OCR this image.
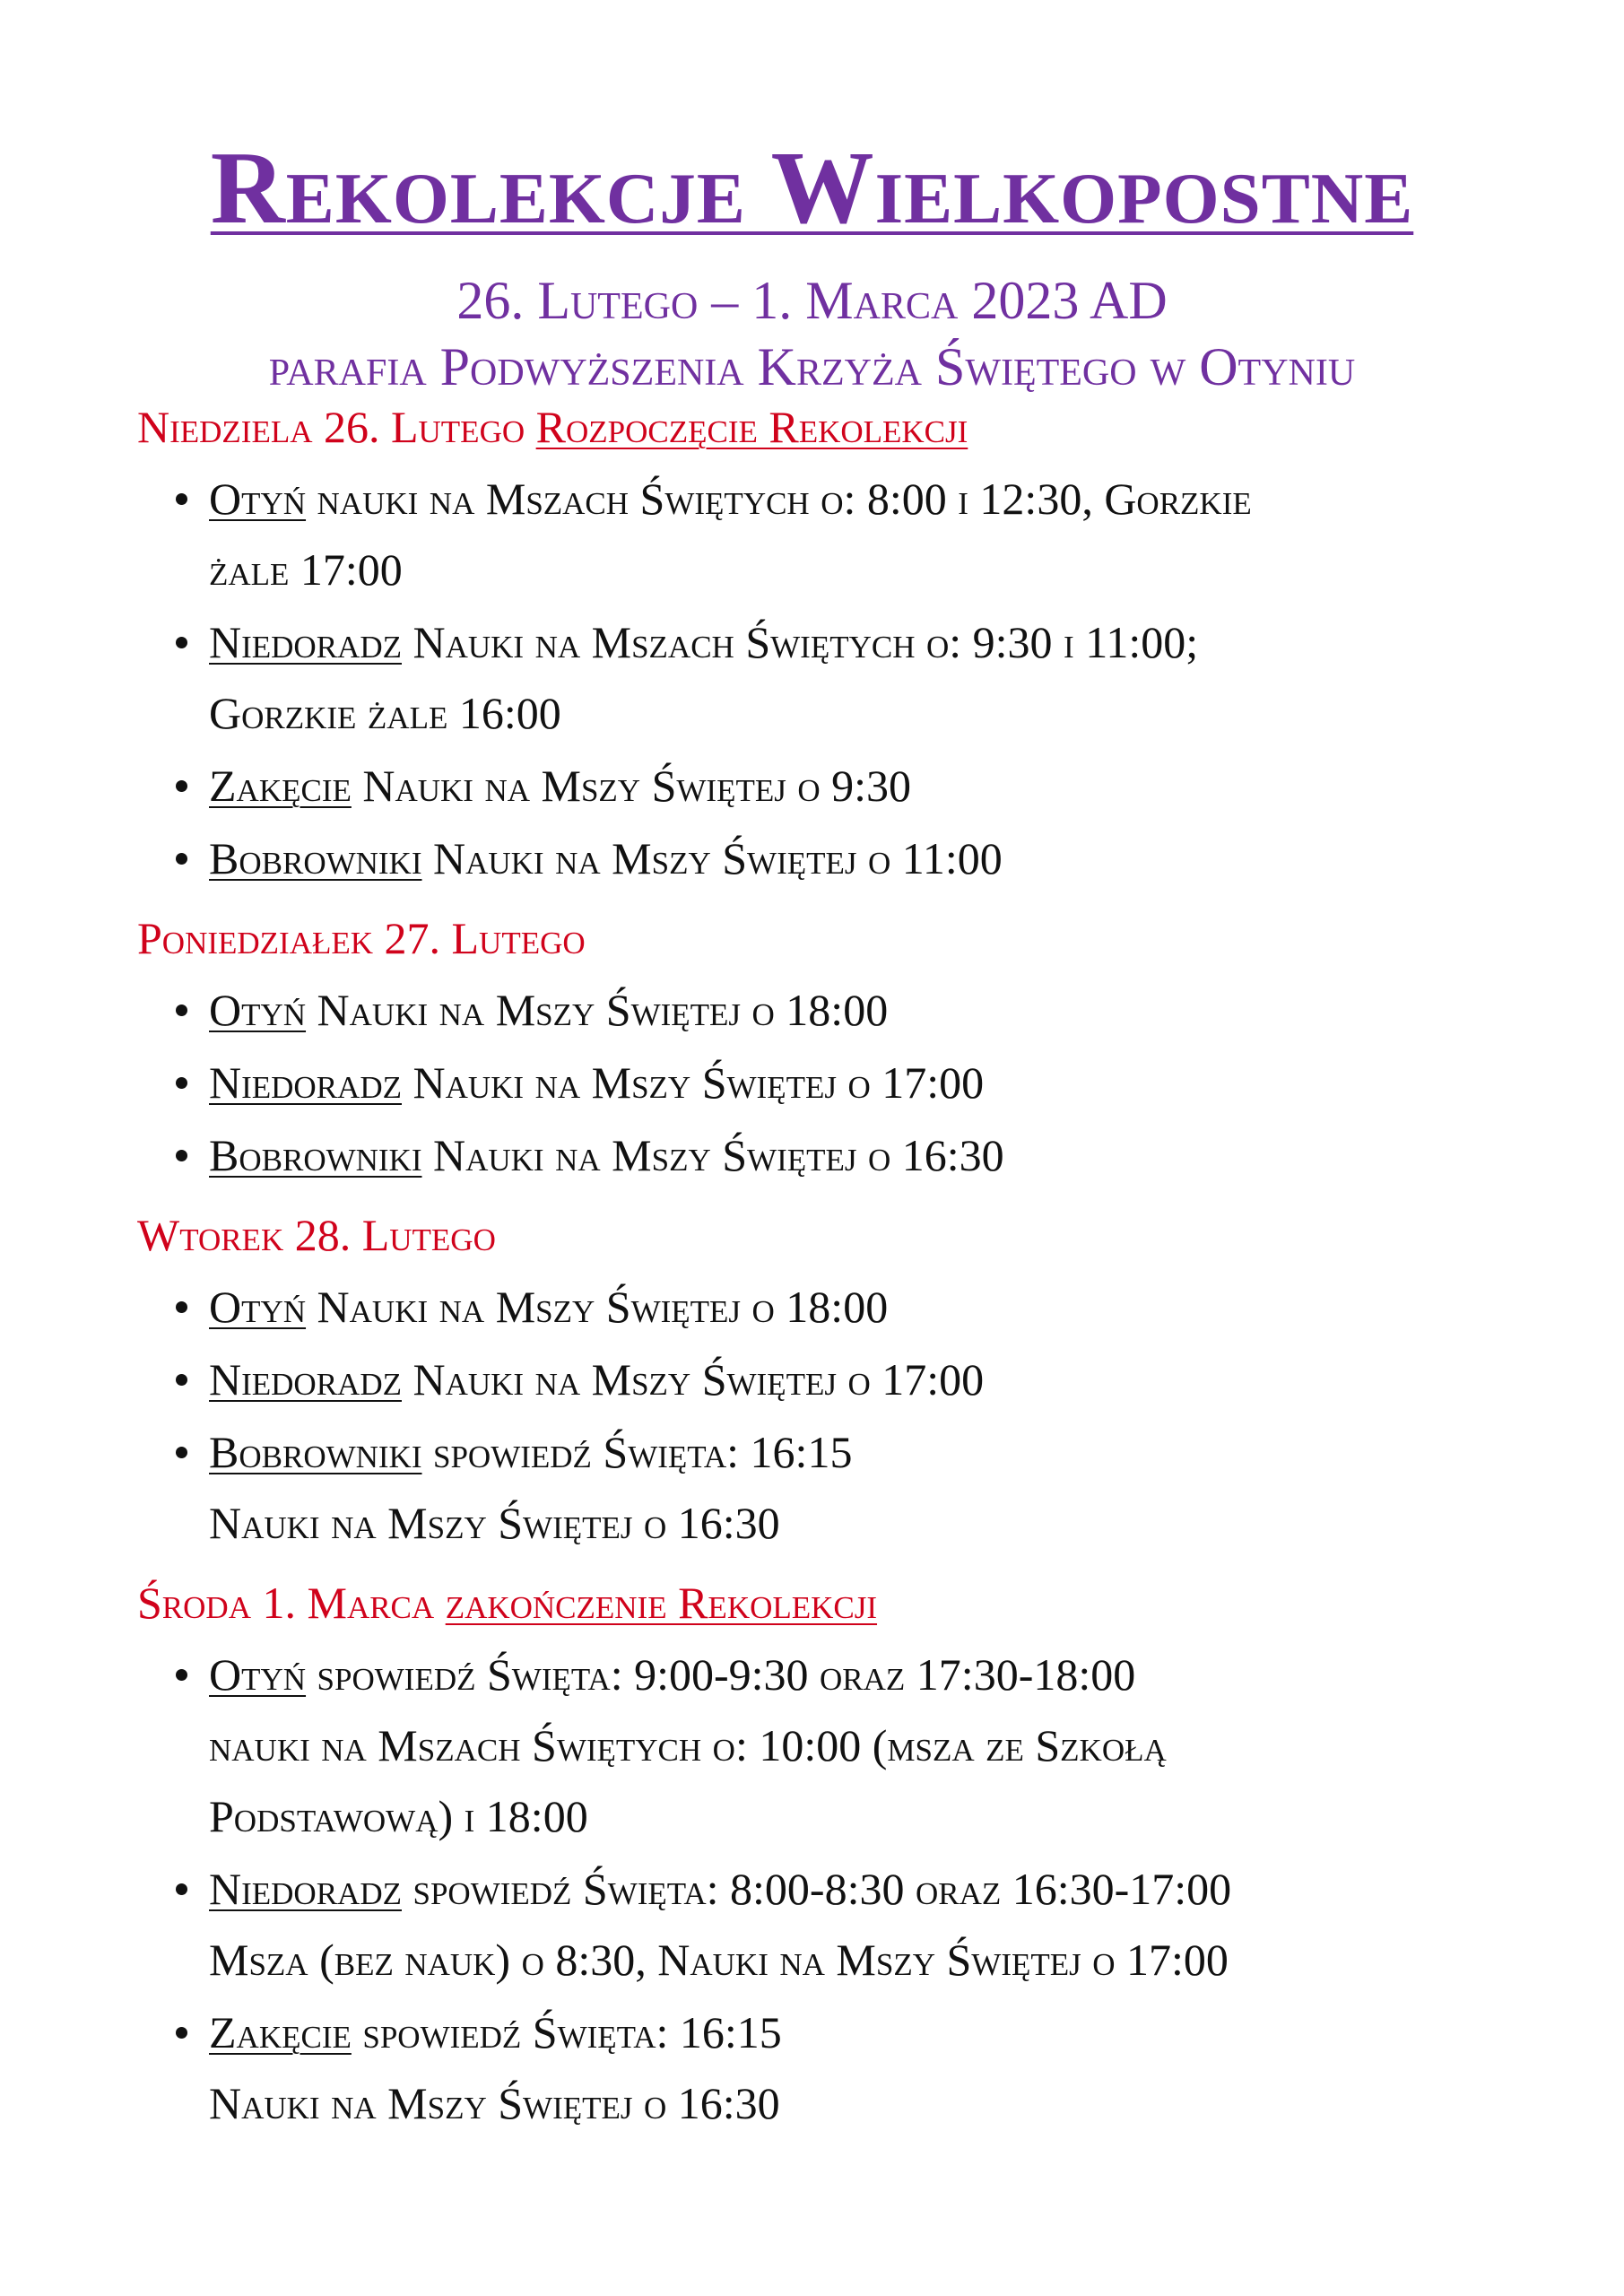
Rekolekcje Wielkopostne
26. Lutego – 1. Marca 2023 AD
parafia Podwyższenia Krzyża Świętego w Otyniu
Niedziela 26. Lutego Rozpoczęcie Rekolekcji
Otyń nauki na Mszach Świętych o: 8:00 i 12:30, Gorzkie
żale 17:00
Niedoradz Nauki na Mszach Świętych o: 9:30 i 11:00;
Gorzkie żale 16:00
Zakęcie Nauki na Mszy Świętej o 9:30
Bobrowniki Nauki na Mszy Świętej o 11:00
Poniedziałek 27. Lutego
Otyń Nauki na Mszy Świętej o 18:00
Niedoradz Nauki na Mszy Świętej o 17:00
Bobrowniki Nauki na Mszy Świętej o 16:30
Wtorek 28. Lutego
Otyń Nauki na Mszy Świętej o 18:00
Niedoradz Nauki na Mszy Świętej o 17:00
Bobrowniki spowiedź Święta: 16:15
Nauki na Mszy Świętej o 16:30
Środa 1. Marca zakończenie Rekolekcji
Otyń spowiedź Święta: 9:00-9:30 oraz 17:30-18:00
nauki na Mszach Świętych o: 10:00 (msza ze Szkołą
Podstawową) i 18:00
Niedoradz spowiedź Święta: 8:00-8:30 oraz 16:30-17:00
Msza (bez nauk) o 8:30, Nauki na Mszy Świętej o 17:00
Zakęcie spowiedź Święta: 16:15
Nauki na Mszy Świętej o 16:30
